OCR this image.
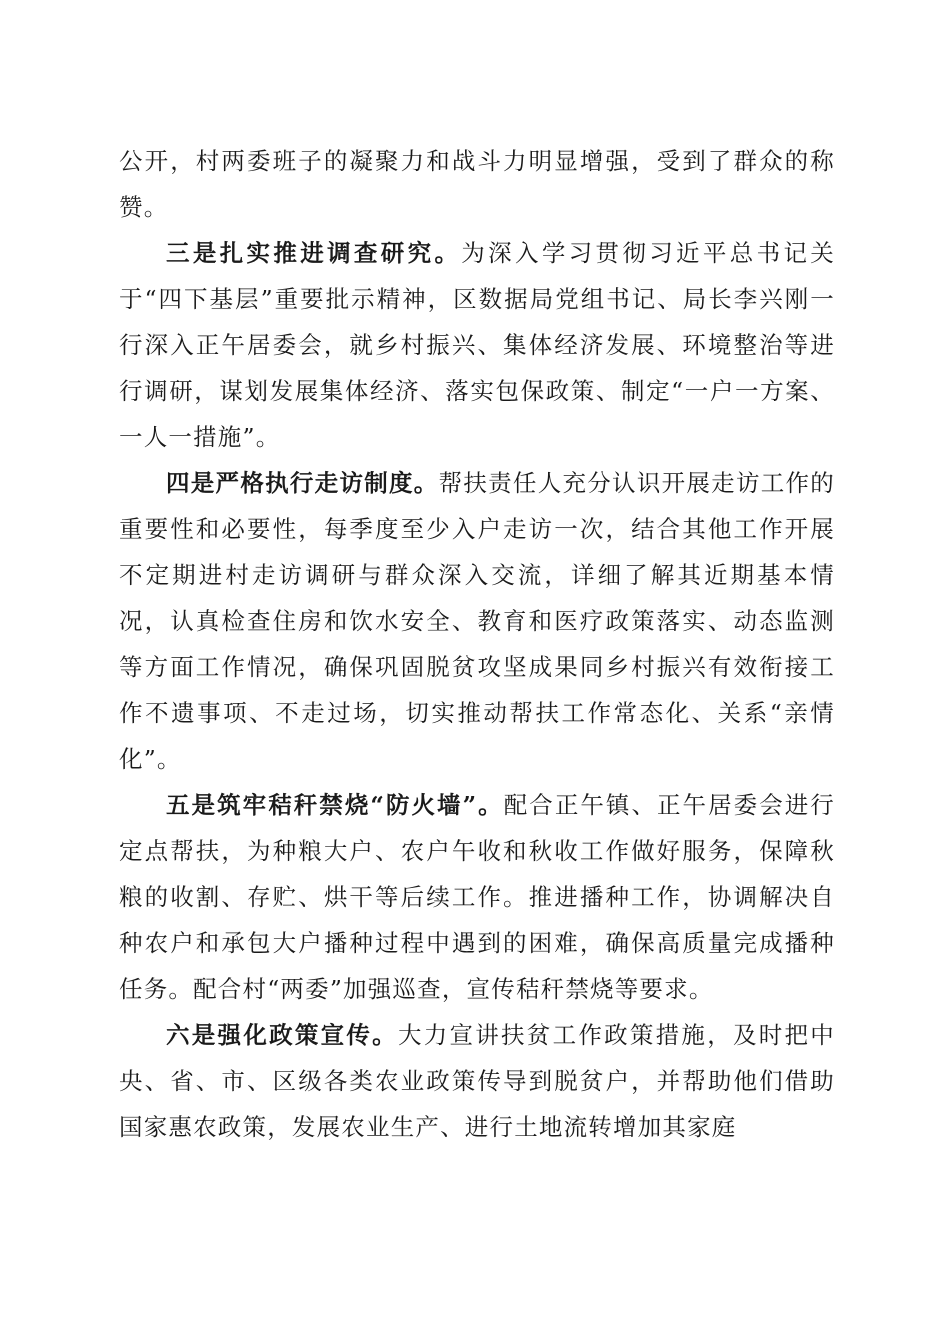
公开，村两委班子的凝聚力和战斗力明显增强，受到了群众的称赞。

三是扎实推进调查研究。为深入学习贯彻习近平总书记关于“四下基层”重要批示精神，区数据局党组书记、局长李兴刚一行深入正午居委会，就乡村振兴、集体经济发展、环境整治等进行调研，谋划发展集体经济、落实包保政策、制定“一户一方案、一人一措施”。

四是严格执行走访制度。帮扶责任人充分认识开展走访工作的重要性和必要性，每季度至少入户走访一次，结合其他工作开展不定期进村走访调研与群众深入交流，详细了解其近期基本情况，认真检查住房和饮水安全、教育和医疗政策落实、动态监测等方面工作情况，确保巩固脱贫攻坚成果同乡村振兴有效衔接工作不遗事项、不走过场，切实推动帮扶工作常态化、关系“亲情化”。

五是筑牢秸秆禁烧“防火墙”。配合正午镇、正午居委会进行定点帮扶，为种粮大户、农户午收和秋收工作做好服务，保障秋粮的收割、存贮、烘干等后续工作。推进播种工作，协调解决自种农户和承包大户播种过程中遇到的困难，确保高质量完成播种任务。配合村“两委”加强巡查，宣传秸秆禁烧等要求。

六是强化政策宣传。大力宣讲扶贫工作政策措施，及时把中央、省、市、区级各类农业政策传导到脱贫户，并帮助他们借助国家惠农政策，发展农业生产、进行土地流转增加其家庭
